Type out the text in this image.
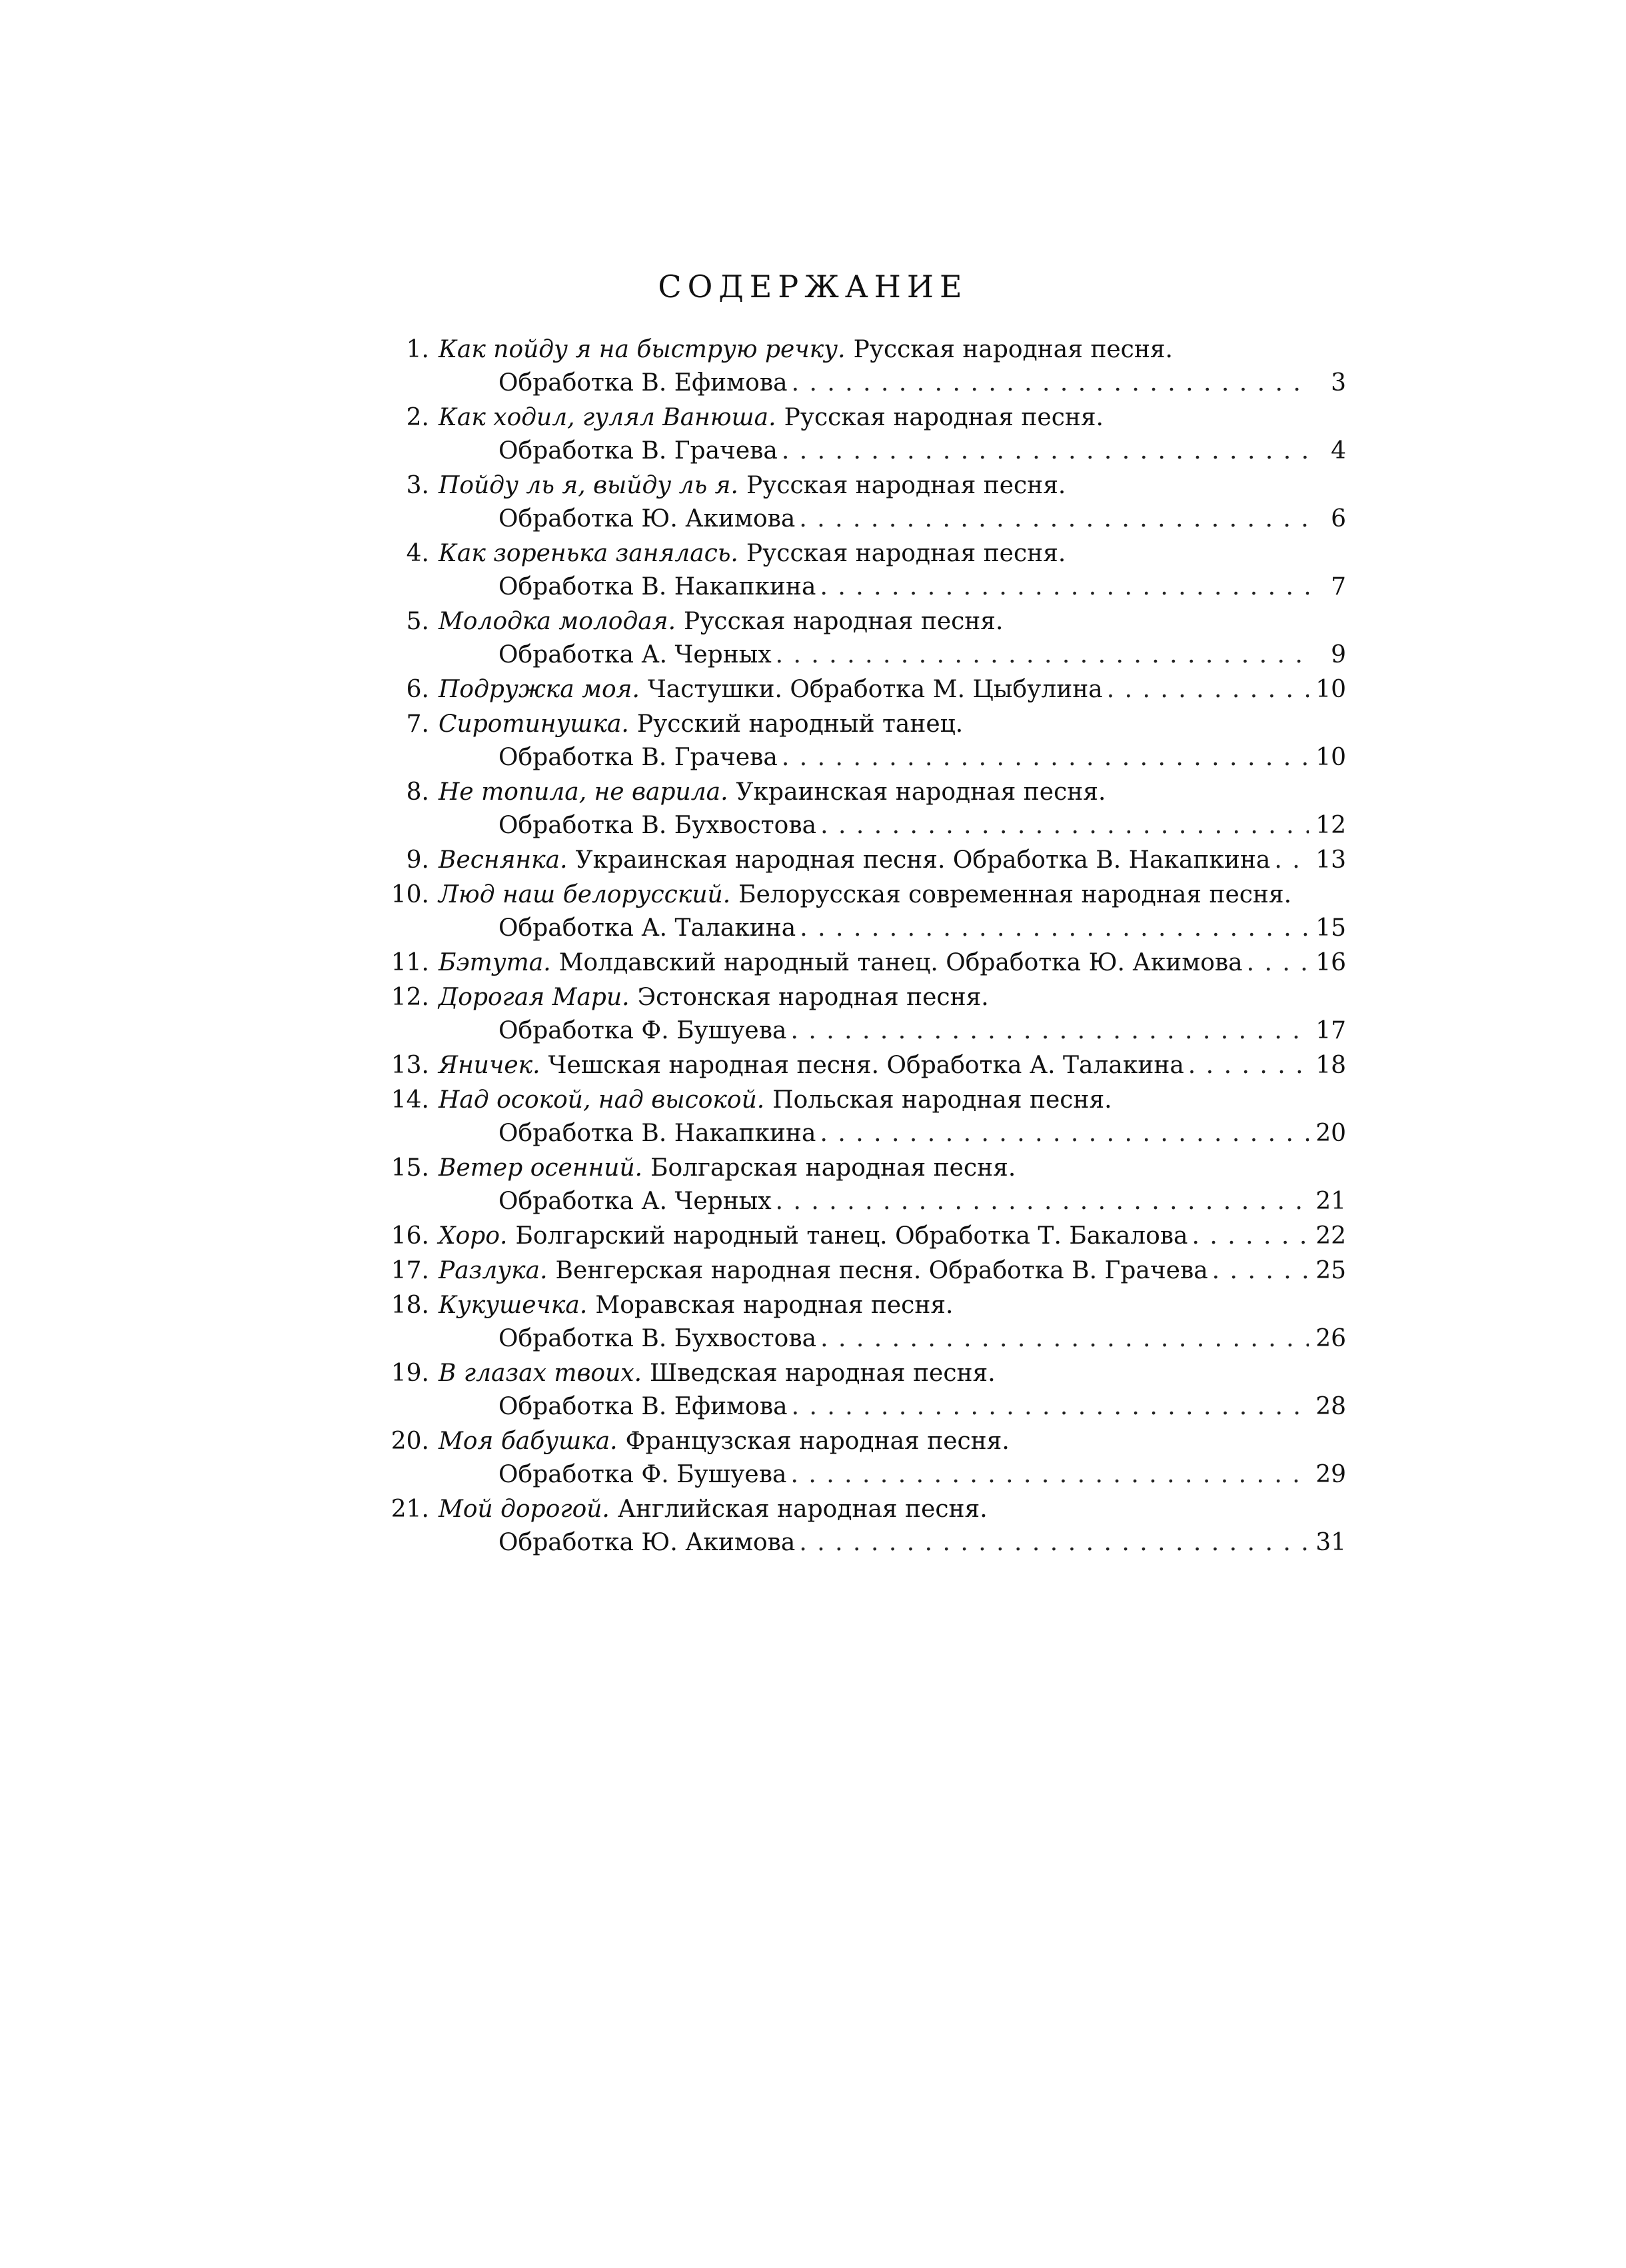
СОДЕРЖАНИЕ
1. Как пойду я на быструю речку. Русская народная песня.
Обработка В. Ефимова . . .	3
2. Как ходил, гулял Ванюша. Русская народная песня.
Обработка В. Грачева . . .	4
3. Пойду ль я, выйду ль я. Русская народная песня.
Обработка Ю. Акимова . . .	6
4. Как зоренька занялась. Русская народная песня.
Обработка В. Накапкина . . .	7
5. Молодка молодая. Русская народная песня.
Обработка А. Черных . . .	9
6. Подружка моя. Частушки. Обработка М. Цыбулина . . .	10
7. Сиротинушка. Русский народный танец.
Обработка В. Грачева . . .	10
8. Не топила, не варила. Украинская народная песня.
Обработка В. Бухвостова . . .	12
9. Веснянка. Украинская народная песня. Обработка В. Накапкина . . . 13
10. Люд наш белорусский. Белорусская современная народная песня.
Обработка А. Талакина . . .	15
11. Бэтута. Молдавский народный танец. Обработка Ю. Акимова . . .	16
12. Дорогая Мари. Эстонская народная песня.
Обработка Ф. Бушуева . . .	17
13. Яничек. Чешская народная песня. Обработка А. Талакина . . .	18
14. Над осокой, над высокой. Польская народная песня.
Обработка В. Накапкина . . .	20
15. Ветер осенний. Болгарская народная песня.
Обработка А. Черных . . .	21
16. Хоро. Болгарский народный танец. Обработка Т. Бакалова . . .	22
17. Разлука. Венгерская народная песня. Обработка В. Грачева . . .	25
18. Кукушечка. Моравская народная песня.
Обработка В. Бухвостова . . .	26
19. В глазах твоих. Шведская народная песня.
Обработка В. Ефимова . . .	28
20. Моя бабушка. Французская народная песня.
Обработка Ф. Бушуева . . .	29
21. Мой дорогой. Английская народная песня.
Обработка Ю. Акимова . . .	31
